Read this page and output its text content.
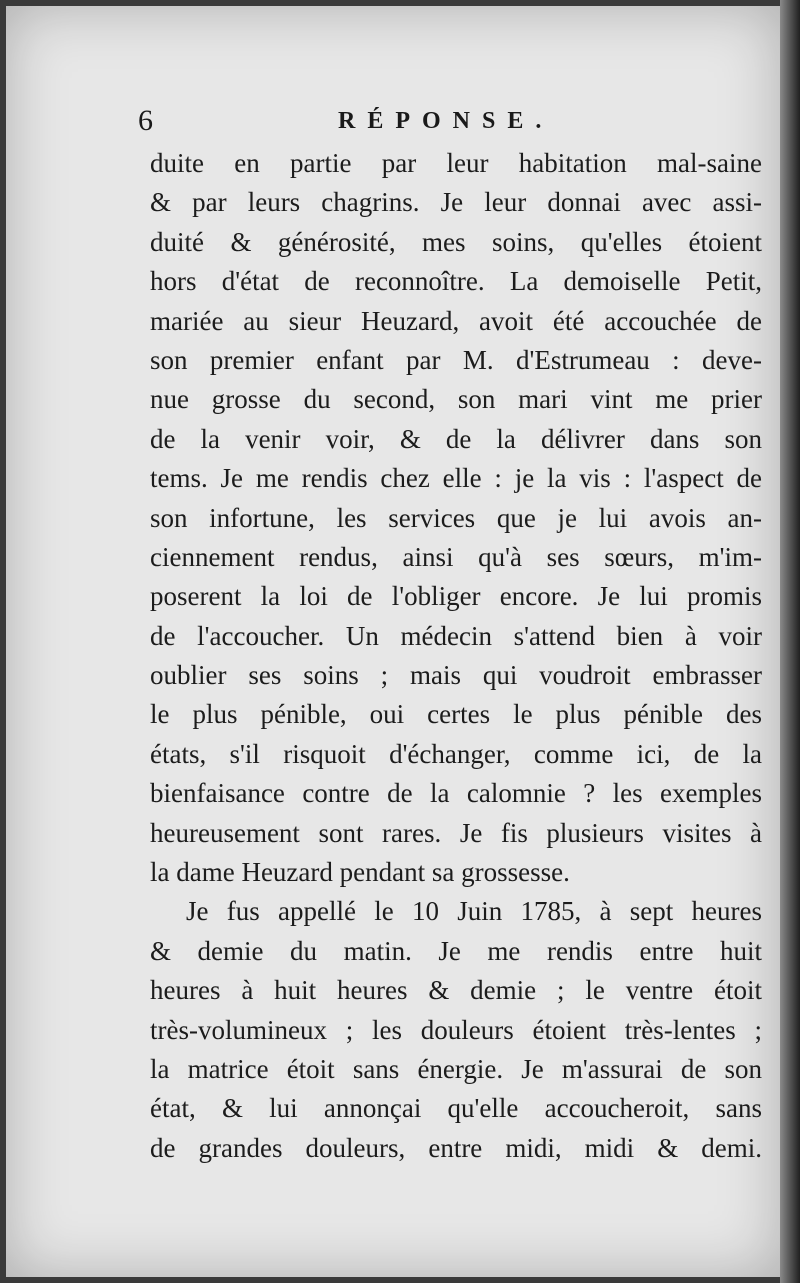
6	RÉPONSE.
duite en partie par leur habitation mal-saine
& par leurs chagrins. Je leur donnai avec assi-
duité & générosité, mes soins, qu'elles étoient
hors d'état de reconnoître. La demoiselle Petit,
mariée au sieur Heuzard, avoit été accouchée de
son premier enfant par M. d'Estrumeau : deve-
nue grosse du second, son mari vint me prier
de la venir voir, & de la délivrer dans son
tems. Je me rendis chez elle : je la vis : l'aspect de
son infortune, les services que je lui avois an-
ciennement rendus, ainsi qu'à ses sœurs, m'im-
poserent la loi de l'obliger encore. Je lui promis
de l'accoucher. Un médecin s'attend bien à voir
oublier ses soins ; mais qui voudroit embrasser
le plus pénible, oui certes le plus pénible des
états, s'il risquoit d'échanger, comme ici, de la
bienfaisance contre de la calomnie ? les exemples
heureusement sont rares. Je fis plusieurs visites à
la dame Heuzard pendant sa grossesse.
Je fus appellé le 10 Juin 1785, à sept heures
& demie du matin. Je me rendis entre huit
heures à huit heures & demie ; le ventre étoit
très-volumineux ; les douleurs étoient très-lentes ;
la matrice étoit sans énergie. Je m'assurai de son
état, & lui annonçai qu'elle accoucheroit, sans
de grandes douleurs, entre midi, midi & demi.
